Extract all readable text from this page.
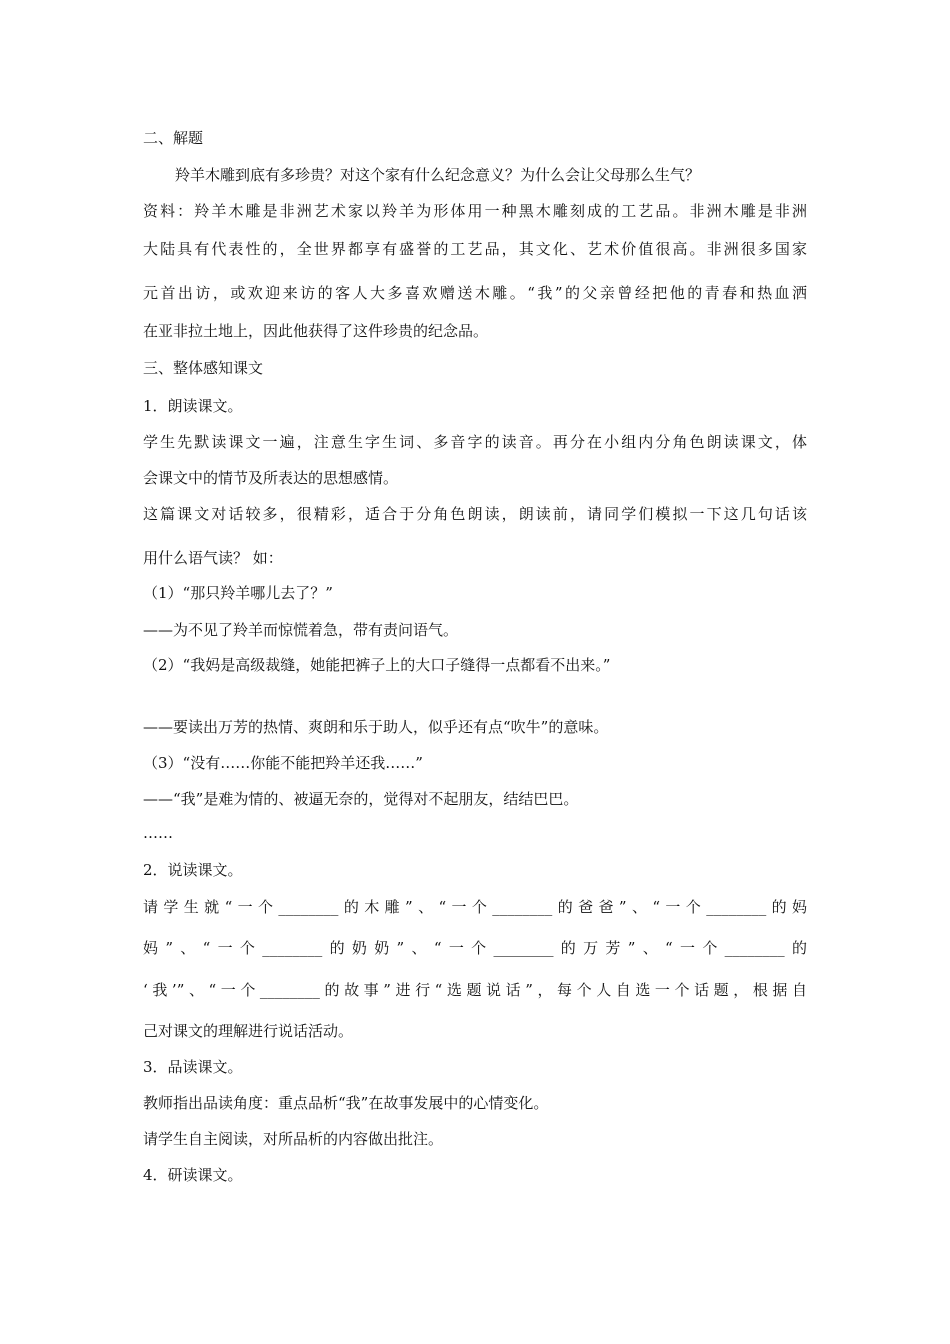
二、解题
羚羊木雕到底有多珍贵？对这个家有什么纪念意义？为什么会让父母那么生气？
资料：羚羊木雕是非洲艺术家以羚羊为形体用一种黑木雕刻成的工艺品。非洲木雕是非洲
大陆具有代表性的，全世界都享有盛誉的工艺品，其文化、艺术价值很高。非洲很多国家
元首出访，或欢迎来访的客人大多喜欢赠送木雕。“我”的父亲曾经把他的青春和热血洒
在亚非拉土地上，因此他获得了这件珍贵的纪念品。
三、整体感知课文
1．朗读课文。
学生先默读课文一遍，注意生字生词、多音字的读音。再分在小组内分角色朗读课文，体
会课文中的情节及所表达的思想感情。
这篇课文对话较多，很精彩，适合于分角色朗读，朗读前，请同学们模拟一下这几句话该
用什么语气读？ 如：
（1）“那只羚羊哪儿去了？”
——为不见了羚羊而惊慌着急，带有责问语气。
（2）“我妈是高级裁缝，她能把裤子上的大口子缝得一点都看不出来。”
——要读出万芳的热情、爽朗和乐于助人，似乎还有点“吹牛”的意味。
（3）“没有……你能不能把羚羊还我……”
——“我”是难为情的、被逼无奈的，觉得对不起朋友，结结巴巴。
……
2．说读课文。
请学生就“一个________的木雕”、“一个________的爸爸”、“一个________的妈
妈”、“一个________的奶奶”、“一个________的万芳”、“一个________的
‘我’”、“一个________的故事”进行“选题说话”，每个人自选一个话题，根据自
己对课文的理解进行说话活动。
3．品读课文。
教师指出品读角度：重点品析“我”在故事发展中的心情变化。
请学生自主阅读，对所品析的内容做出批注。
4．研读课文。
